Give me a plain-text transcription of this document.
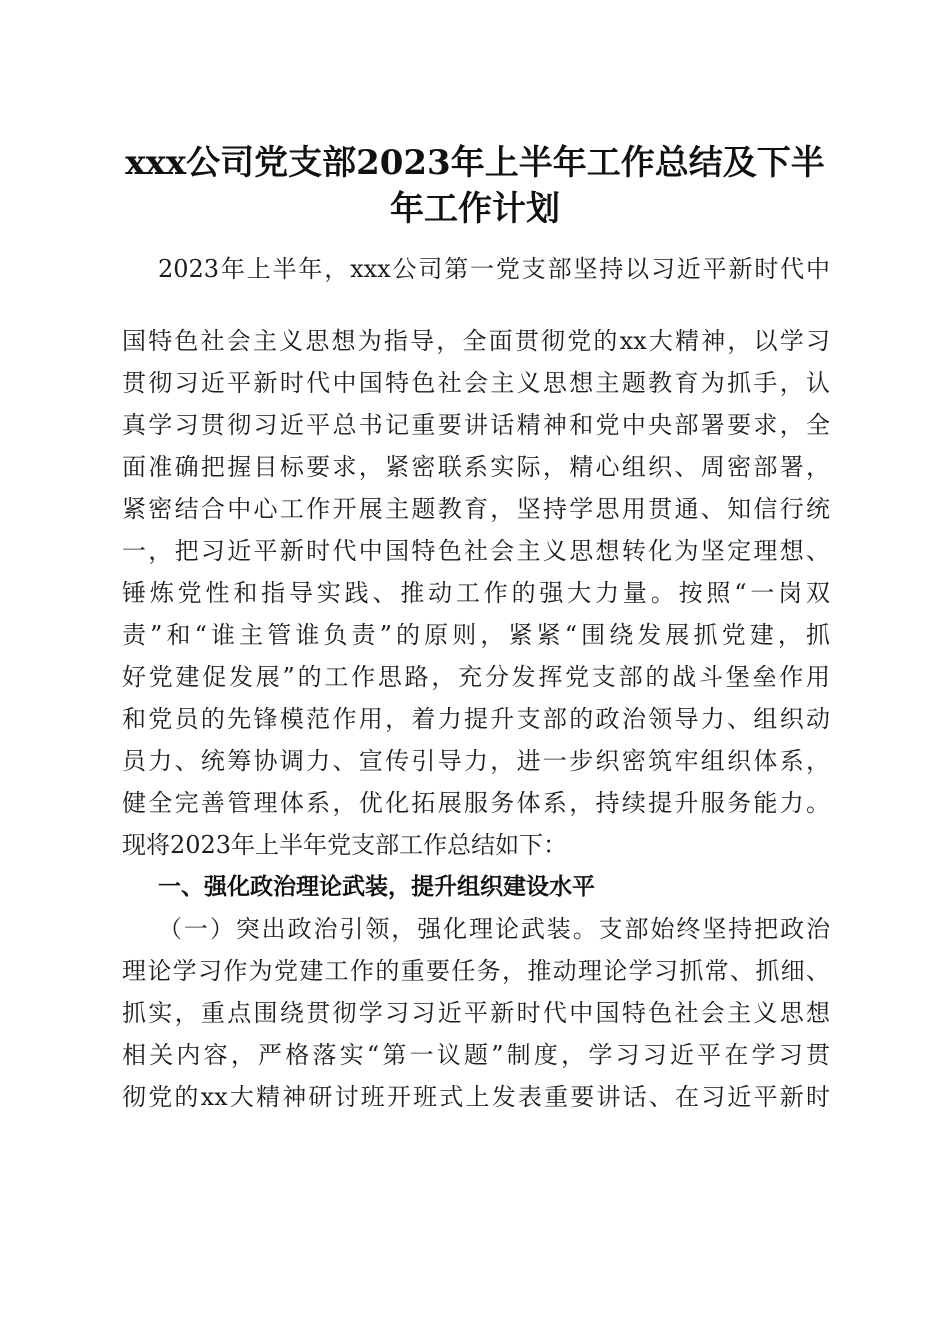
xxx公司党支部2023年上半年工作总结及下半
年工作计划
2023年上半年，xxx公司第一党支部坚持以习近平新时代中
国特色社会主义思想为指导，全面贯彻党的xx大精神，以学习
贯彻习近平新时代中国特色社会主义思想主题教育为抓手，认
真学习贯彻习近平总书记重要讲话精神和党中央部署要求，全
面准确把握目标要求，紧密联系实际，精心组织、周密部署，
紧密结合中心工作开展主题教育，坚持学思用贯通、知信行统
一，把习近平新时代中国特色社会主义思想转化为坚定理想、
锤炼党性和指导实践、推动工作的强大力量。按照“一岗双
责”和“谁主管谁负责”的原则，紧紧“围绕发展抓党建，抓
好党建促发展”的工作思路，充分发挥党支部的战斗堡垒作用
和党员的先锋模范作用，着力提升支部的政治领导力、组织动
员力、统筹协调力、宣传引导力，进一步织密筑牢组织体系，
健全完善管理体系，优化拓展服务体系，持续提升服务能力。
现将2023年上半年党支部工作总结如下：
一、强化政治理论武装，提升组织建设水平
（一）突出政治引领，强化理论武装。支部始终坚持把政治
理论学习作为党建工作的重要任务，推动理论学习抓常、抓细、
抓实，重点围绕贯彻学习习近平新时代中国特色社会主义思想
相关内容，严格落实“第一议题”制度，学习习近平在学习贯
彻党的xx大精神研讨班开班式上发表重要讲话、在习近平新时
